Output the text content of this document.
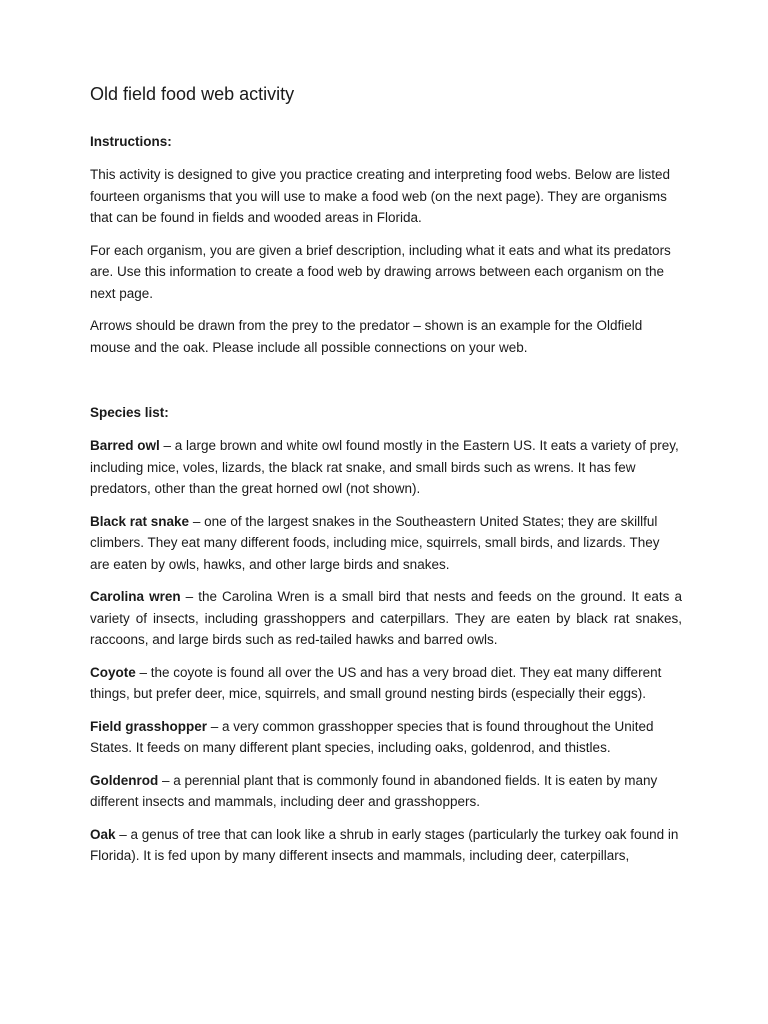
Old field food web activity
Instructions:

This activity is designed to give you practice creating and interpreting food webs. Below are listed fourteen organisms that you will use to make a food web (on the next page). They are organisms that can be found in fields and wooded areas in Florida.

For each organism, you are given a brief description, including what it eats and what its predators are. Use this information to create a food web by drawing arrows between each organism on the next page.

Arrows should be drawn from the prey to the predator – shown is an example for the Oldfield mouse and the oak. Please include all possible connections on your web.

Species list:

Barred owl – a large brown and white owl found mostly in the Eastern US. It eats a variety of prey, including mice, voles, lizards, the black rat snake, and small birds such as wrens. It has few predators, other than the great horned owl (not shown).

Black rat snake – one of the largest snakes in the Southeastern United States; they are skillful climbers. They eat many different foods, including mice, squirrels, small birds, and lizards. They are eaten by owls, hawks, and other large birds and snakes.

Carolina wren – the Carolina Wren is a small bird that nests and feeds on the ground. It eats a variety of insects, including grasshoppers and caterpillars. They are eaten by black rat snakes, raccoons, and large birds such as red-tailed hawks and barred owls.

Coyote – the coyote is found all over the US and has a very broad diet. They eat many different things, but prefer deer, mice, squirrels, and small ground nesting birds (especially their eggs).

Field grasshopper – a very common grasshopper species that is found throughout the United States. It feeds on many different plant species, including oaks, goldenrod, and thistles.

Goldenrod – a perennial plant that is commonly found in abandoned fields. It is eaten by many different insects and mammals, including deer and grasshoppers.

Oak – a genus of tree that can look like a shrub in early stages (particularly the turkey oak found in Florida). It is fed upon by many different insects and mammals, including deer, caterpillars,
